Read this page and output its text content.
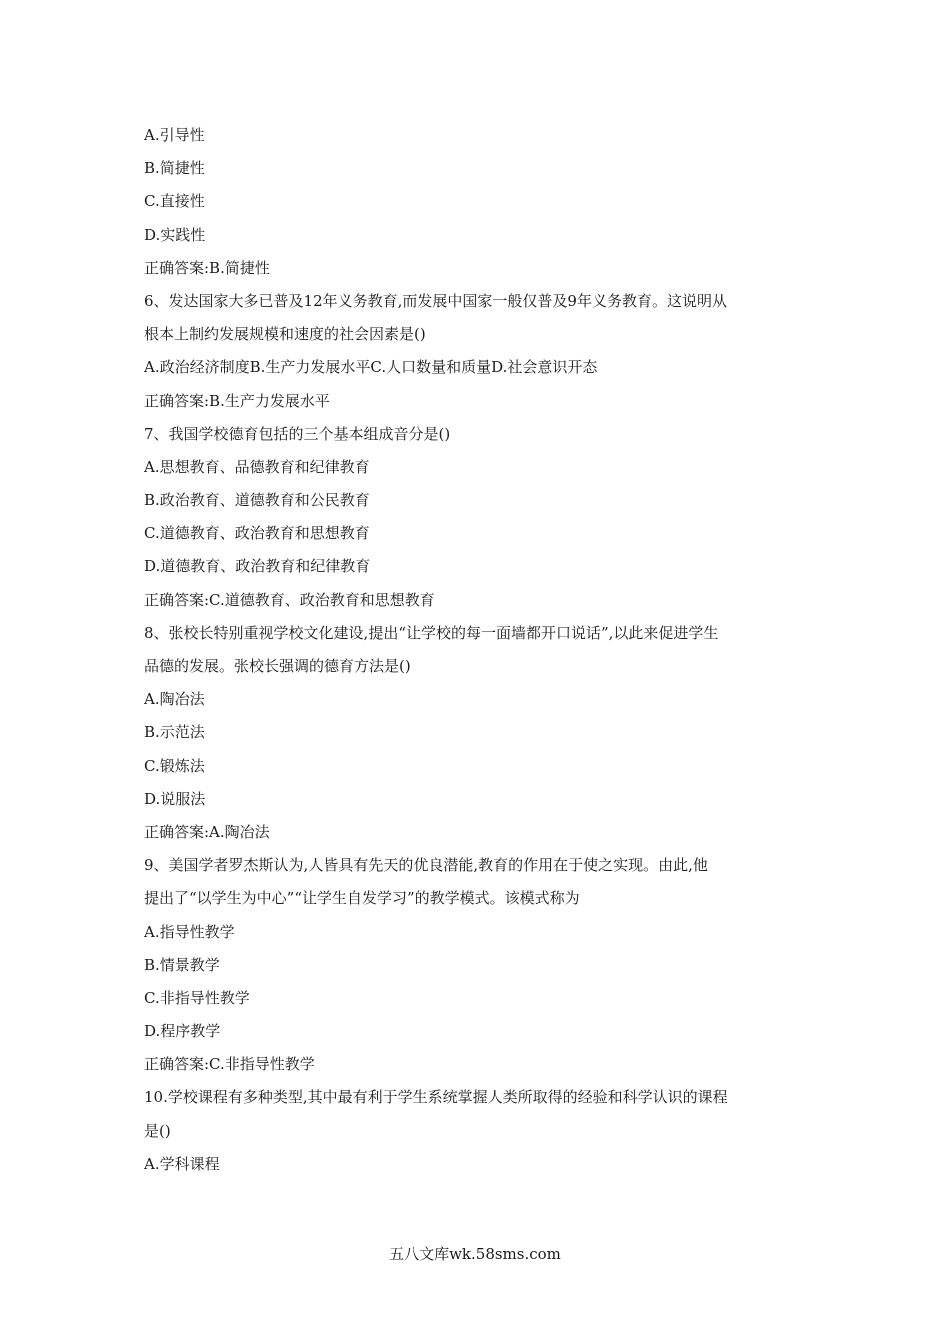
A.引导性
B.简捷性
C.直接性
D.实践性
正确答案:B.简捷性
6、发达国家大多已普及12年义务教育,而发展中国家一般仅普及9年义务教育。这说明从
根本上制约发展规模和速度的社会因素是()
A.政治经济制度B.生产力发展水平C.人口数量和质量D.社会意识开态
正确答案:B.生产力发展水平
7、我国学校德育包括的三个基本组成音分是()
A.思想教育、品德教育和纪律教育
B.政治教育、道德教育和公民教育
C.道德教育、政治教育和思想教育
D.道德教育、政治教育和纪律教育
正确答案:C.道德教育、政治教育和思想教育
8、张校长特别重视学校文化建设,提出“让学校的每一面墙都开口说话”,以此来促进学生
品德的发展。张校长强调的德育方法是()
A.陶冶法
B.示范法
C.锻炼法
D.说服法
正确答案:A.陶冶法
9、美国学者罗杰斯认为,人皆具有先天的优良潜能,教育的作用在于使之实现。由此,他
提出了“以学生为中心”“让学生自发学习”的教学模式。该模式称为
A.指导性教学
B.情景教学
C.非指导性教学
D.程序教学
正确答案:C.非指导性教学
10.学校课程有多种类型,其中最有利于学生系统掌握人类所取得的经验和科学认识的课程
是()
A.学科课程
五八文库wk.58sms.com
